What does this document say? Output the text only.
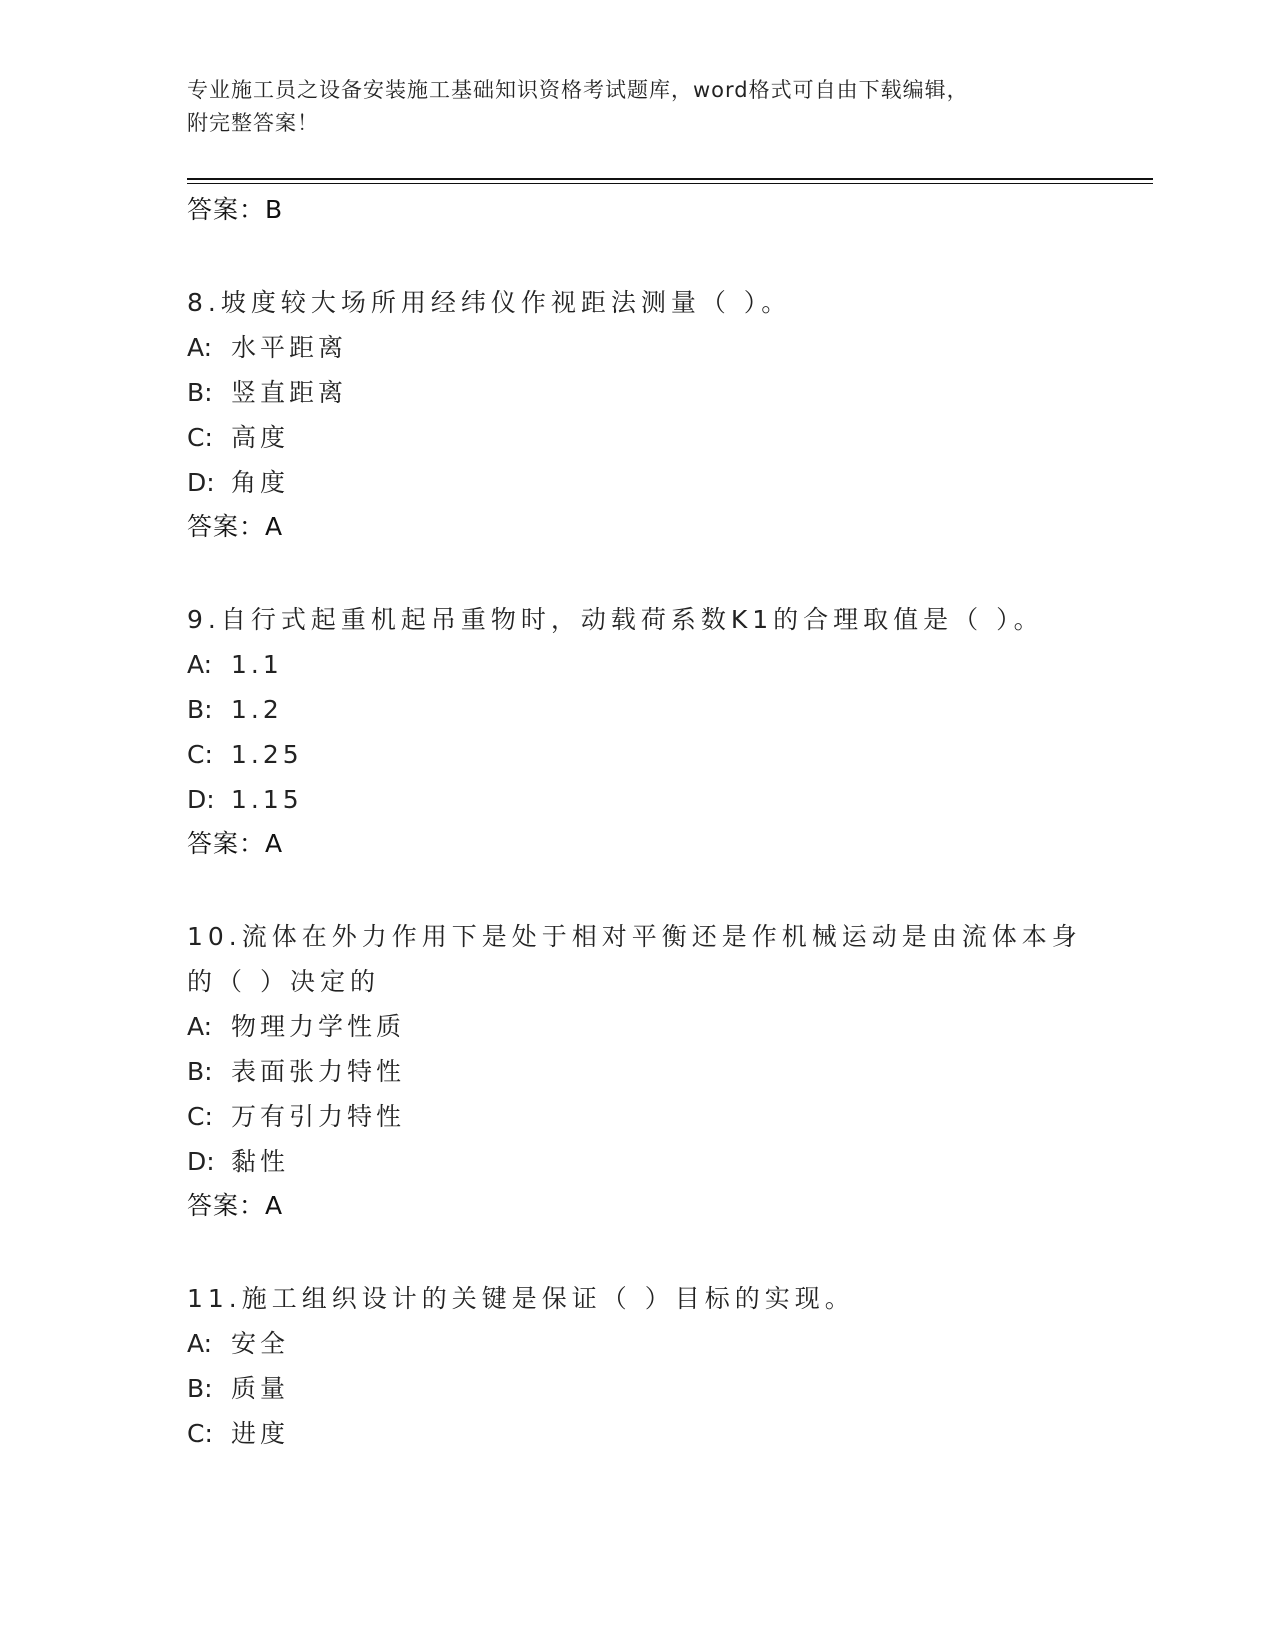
专业施工员之设备安装施工基础知识资格考试题库，word格式可自由下载编辑，
附完整答案！
答案：B
8.坡度较大场所用经纬仪作视距法测量（ ）。
A: 水平距离
B: 竖直距离
C: 高度
D: 角度
答案：A
9.自行式起重机起吊重物时，动载荷系数K1的合理取值是（ ）。
A: 1.1
B: 1.2
C: 1.25
D: 1.15
答案：A
10.流体在外力作用下是处于相对平衡还是作机械运动是由流体本身的（ ）决定的
A: 物理力学性质
B: 表面张力特性
C: 万有引力特性
D: 黏性
答案：A
11.施工组织设计的关键是保证（ ）目标的实现。
A: 安全
B: 质量
C: 进度
